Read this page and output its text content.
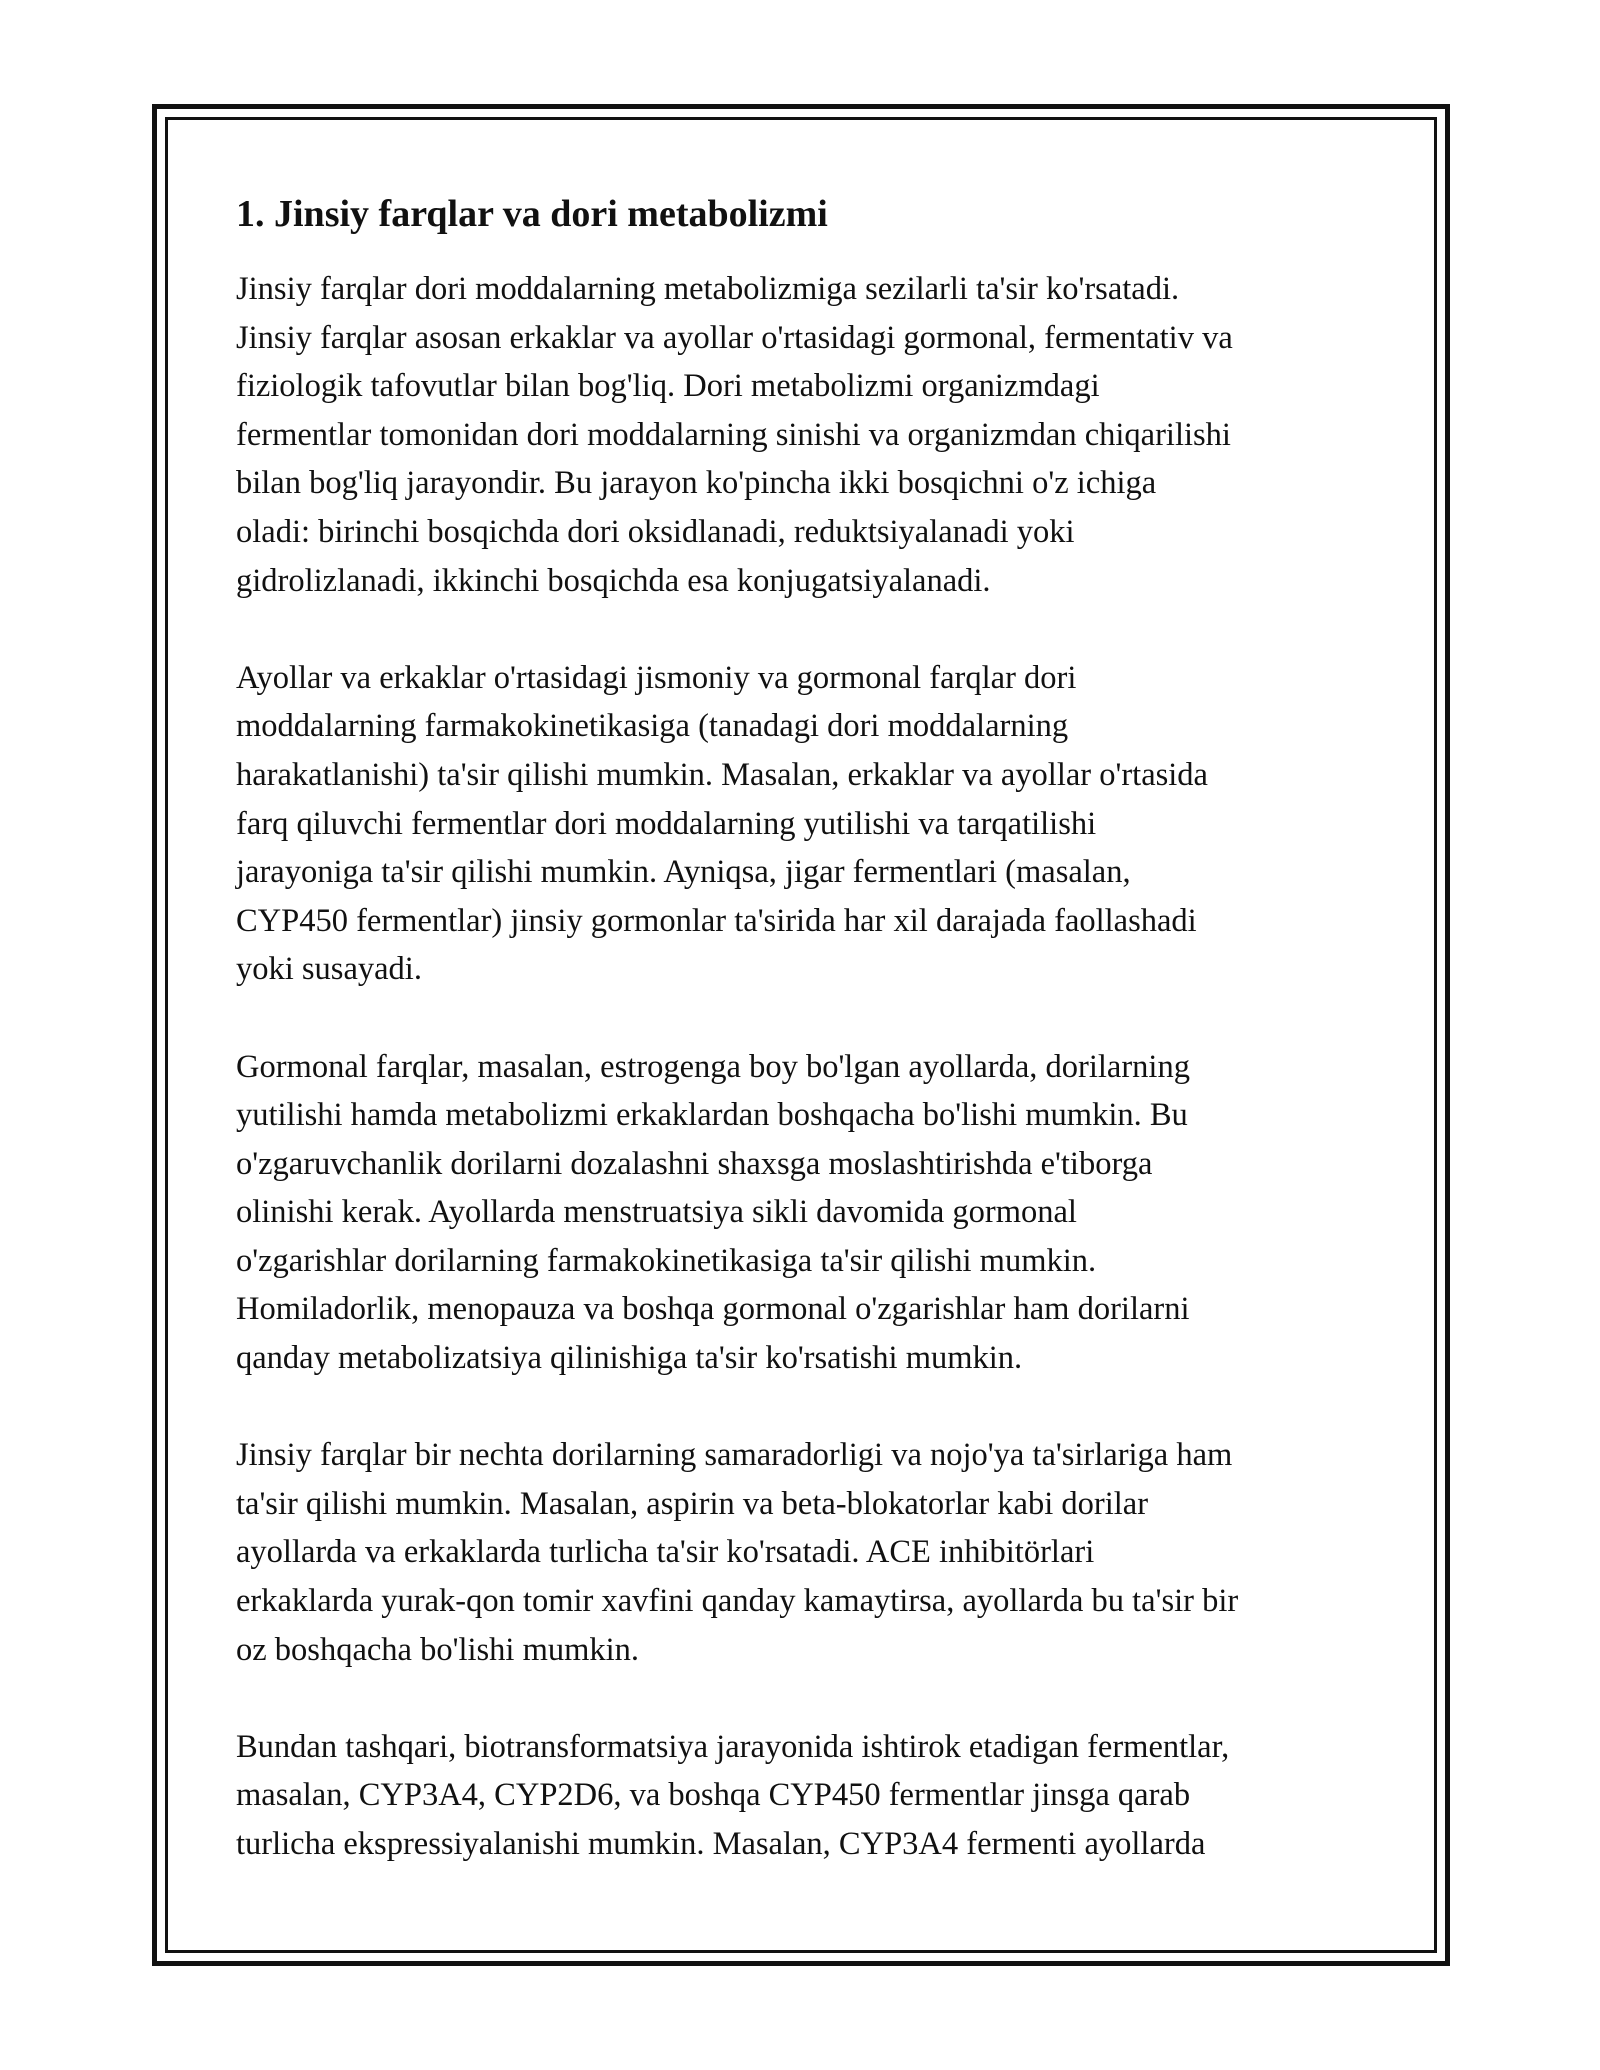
1. Jinsiy farqlar va dori metabolizmi

Jinsiy farqlar dori moddalarning metabolizmiga sezilarli ta'sir ko'rsatadi.
Jinsiy farqlar asosan erkaklar va ayollar o'rtasidagi gormonal, fermentativ va
fiziologik tafovutlar bilan bog'liq. Dori metabolizmi organizmdagi
fermentlar tomonidan dori moddalarning sinishi va organizmdan chiqarilishi
bilan bog'liq jarayondir. Bu jarayon ko'pincha ikki bosqichni o'z ichiga
oladi: birinchi bosqichda dori oksidlanadi, reduktsiyalanadi yoki
gidrolizlanadi, ikkinchi bosqichda esa konjugatsiyalanadi.

Ayollar va erkaklar o'rtasidagi jismoniy va gormonal farqlar dori
moddalarning farmakokinetikasiga (tanadagi dori moddalarning
harakatlanishi) ta'sir qilishi mumkin. Masalan, erkaklar va ayollar o'rtasida
farq qiluvchi fermentlar dori moddalarning yutilishi va tarqatilishi
jarayoniga ta'sir qilishi mumkin. Ayniqsa, jigar fermentlari (masalan,
CYP450 fermentlar) jinsiy gormonlar ta'sirida har xil darajada faollashadi
yoki susayadi.

Gormonal farqlar, masalan, estrogenga boy bo'lgan ayollarda, dorilarning
yutilishi hamda metabolizmi erkaklardan boshqacha bo'lishi mumkin. Bu
o'zgaruvchanlik dorilarni dozalashni shaxsga moslashtirishda e'tiborga
olinishi kerak. Ayollarda menstruatsiya sikli davomida gormonal
o'zgarishlar dorilarning farmakokinetikasiga ta'sir qilishi mumkin.
Homiladorlik, menopauza va boshqa gormonal o'zgarishlar ham dorilarni
qanday metabolizatsiya qilinishiga ta'sir ko'rsatishi mumkin.

Jinsiy farqlar bir nechta dorilarning samaradorligi va nojo'ya ta'sirlariga ham
ta'sir qilishi mumkin. Masalan, aspirin va beta-blokatorlar kabi dorilar
ayollarda va erkaklarda turlicha ta'sir ko'rsatadi. ACE inhibitörlari
erkaklarda yurak-qon tomir xavfini qanday kamaytirsa, ayollarda bu ta'sir bir
oz boshqacha bo'lishi mumkin.

Bundan tashqari, biotransformatsiya jarayonida ishtirok etadigan fermentlar,
masalan, CYP3A4, CYP2D6, va boshqa CYP450 fermentlar jinsga qarab
turlicha ekspressiyalanishi mumkin. Masalan, CYP3A4 fermenti ayollarda
